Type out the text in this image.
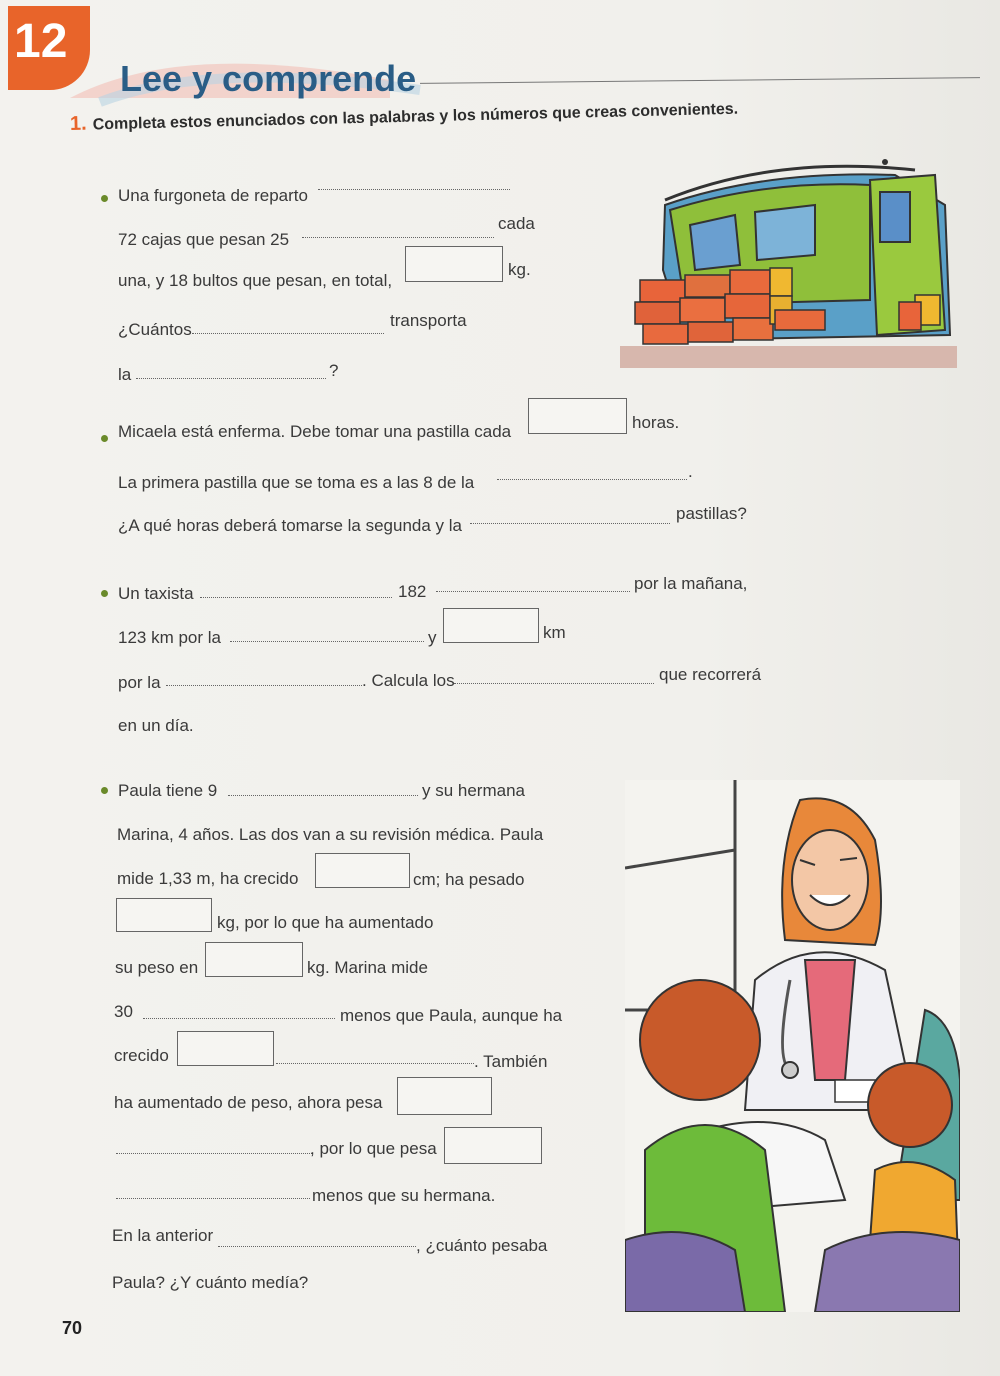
12
Lee y comprende
1. Completa estos enunciados con las palabras y los números que creas convenientes.
Una furgoneta de reparto
72 cajas que pesan 25
cada
una, y 18 bultos que pesan, en total,
kg.
¿Cuántos	transporta
la	?
Micaela está enferma. Debe tomar una pastilla cada	horas.
La primera pastilla que se toma es a las 8 de la
.
¿A qué horas deberá tomarse la segunda y la
pastillas?
Un taxista	182	por la mañana,
123 km por la	y	km
por la	. Calcula los	que recorrerá
en un día.
Paula tiene 9	y su hermana
Marina, 4 años. Las dos van a su revisión médica. Paula
mide 1,33 m, ha crecido	cm; ha pesado
kg, por lo que ha aumentado
su peso en	kg. Marina mide
30	menos que Paula, aunque ha
crecido	. También
ha aumentado de peso, ahora pesa
, por lo que pesa
menos que su hermana.
En la anterior
, ¿cuánto pesaba
Paula? ¿Y cuánto medía?
70
